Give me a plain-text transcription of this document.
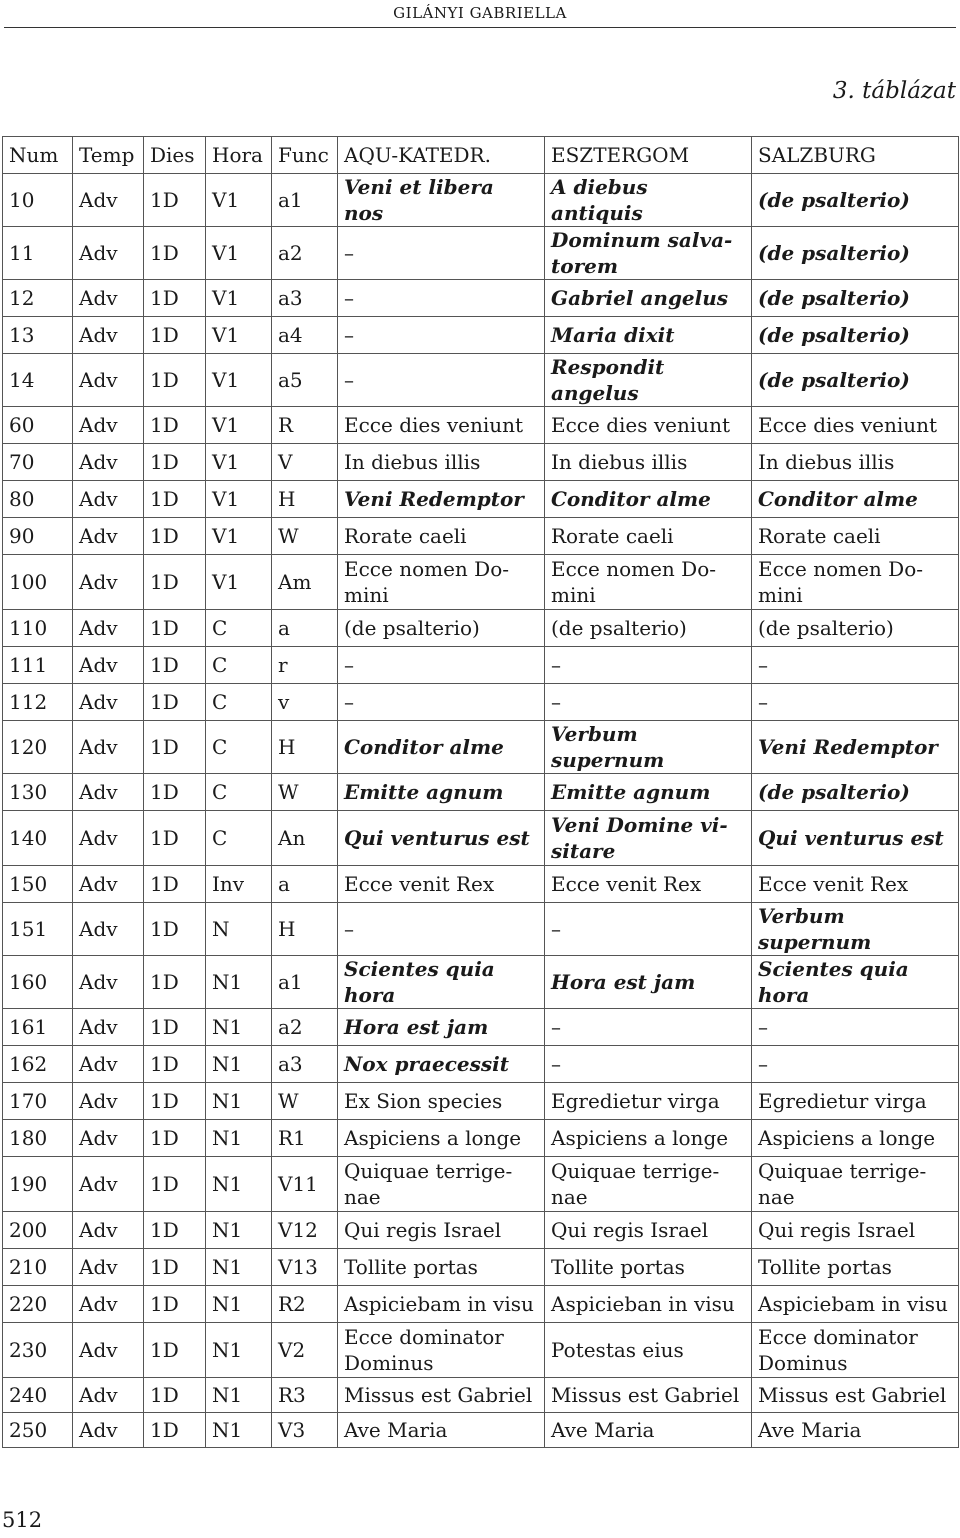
GILÁNYI GABRIELLA
3. táblázat
Num	Temp	Dies	Hora	Func	AQU-KATEDR.	ESZTERGOM	SALZBURG
10	Adv	1D	V1	a1	Veni et libera nos	A diebus antiquis	(de psalterio)
11	Adv	1D	V1	a2	–	Dominum salva-torem	(de psalterio)
12	Adv	1D	V1	a3	–	Gabriel angelus	(de psalterio)
13	Adv	1D	V1	a4	–	Maria dixit	(de psalterio)
14	Adv	1D	V1	a5	–	Respondit angelus	(de psalterio)
60	Adv	1D	V1	R	Ecce dies veniunt	Ecce dies veniunt	Ecce dies veniunt
70	Adv	1D	V1	V	In diebus illis	In diebus illis	In diebus illis
80	Adv	1D	V1	H	Veni Redemptor	Conditor alme	Conditor alme
90	Adv	1D	V1	W	Rorate caeli	Rorate caeli	Rorate caeli
100	Adv	1D	V1	Am	Ecce nomen Do-mini	Ecce nomen Do-mini	Ecce nomen Do-mini
110	Adv	1D	C	a	(de psalterio)	(de psalterio)	(de psalterio)
111	Adv	1D	C	r	–	–	–
112	Adv	1D	C	v	–	–	–
120	Adv	1D	C	H	Conditor alme	Verbum supernum	Veni Redemptor
130	Adv	1D	C	W	Emitte agnum	Emitte agnum	(de psalterio)
140	Adv	1D	C	An	Qui venturus est	Veni Domine vi-sitare	Qui venturus est
150	Adv	1D	Inv	a	Ecce venit Rex	Ecce venit Rex	Ecce venit Rex
151	Adv	1D	N	H	–	–	Verbum supernum
160	Adv	1D	N1	a1	Scientes quia hora	Hora est jam	Scientes quia hora
161	Adv	1D	N1	a2	Hora est jam	–	–
162	Adv	1D	N1	a3	Nox praecessit	–	–
170	Adv	1D	N1	W	Ex Sion species	Egredietur virga	Egredietur virga
180	Adv	1D	N1	R1	Aspiciens a longe	Aspiciens a longe	Aspiciens a longe
190	Adv	1D	N1	V11	Quiquae terrige-nae	Quiquae terrige-nae	Quiquae terrige-nae
200	Adv	1D	N1	V12	Qui regis Israel	Qui regis Israel	Qui regis Israel
210	Adv	1D	N1	V13	Tollite portas	Tollite portas	Tollite portas
220	Adv	1D	N1	R2	Aspiciebam in visu	Aspicieban in visu	Aspiciebam in visu
230	Adv	1D	N1	V2	Ecce dominator Dominus	Potestas eius	Ecce dominator Dominus
240	Adv	1D	N1	R3	Missus est Gabriel	Missus est Gabriel	Missus est Gabriel
250	Adv	1D	N1	V3	Ave Maria	Ave Maria	Ave Maria
512
